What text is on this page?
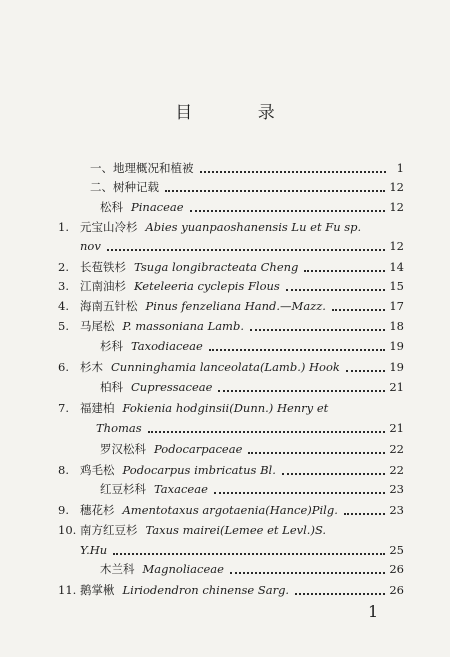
目 录
一、地理概况和植被	1
二、树种记载	12
松科 Pinaceae	12
1. 元宝山冷杉 Abies yuanpaoshanensis Lu et Fu sp.
nov	12
2. 长苞铁杉 Tsuga longibracteata Cheng	14
3. 江南油杉 Keteleeria cyclepis Flous	15
4. 海南五针松 Pinus fenzeliana Hand.—Mazz.	17
5. 马尾松 P. massoniana Lamb.	18
杉科 Taxodiaceae	19
6. 杉木 Cunninghamia lanceolata(Lamb.) Hook	19
柏科 Cupressaceae	21
7. 福建柏 Fokienia hodginsii(Dunn.) Henry et
Thomas	21
罗汉松科 Podocarpaceae	22
8. 鸡毛松 Podocarpus imbricatus Bl.	22
红豆杉科 Taxaceae	23
9. 穗花杉 Amentotaxus argotaenia(Hance)Pilg.	23
10. 南方红豆杉 Taxus mairei(Lemee et Levl.)S.
Y.Hu	25
木兰科 Magnoliaceae	26
11. 鹅掌楸 Liriodendron chinense Sarg.	26
1
